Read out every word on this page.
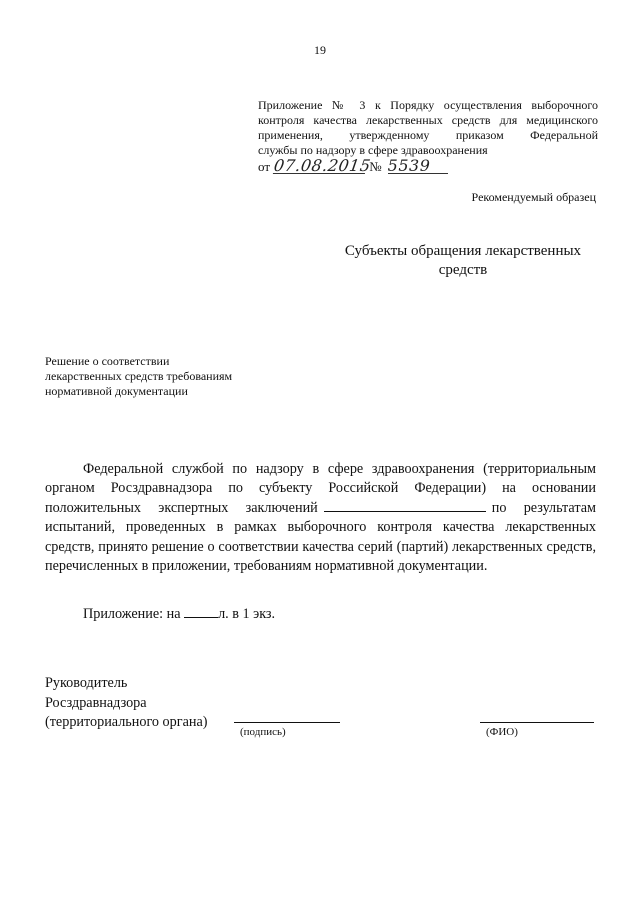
19
Приложение № 3 к Порядку осуществления выборочного
контроля качества лекарственных средств для медицинского
применения, утвержденному приказом Федеральной
службы по надзору в сфере здравоохранения
от 07.08.2015 № 5539
Рекомендуемый образец
Субъекты обращения лекарственных
средств
Решение о соответствии
лекарственных средств требованиям
нормативной документации
Федеральной службой по надзору в сфере здравоохранения (территориальным органом Росздравнадзора по субъекту Российской Федерации) на основании положительных экспертных заключений	по результатам испытаний, проведенных в рамках выборочного контроля качества лекарственных средств, принято решение о соответствии качества серий (партий) лекарственных средств, перечисленных в приложении, требованиям нормативной документации.
Приложение: на	л. в 1 экз.
Руководитель
Росздравнадзора
(территориального органа)
(подпись)	(ФИО)
